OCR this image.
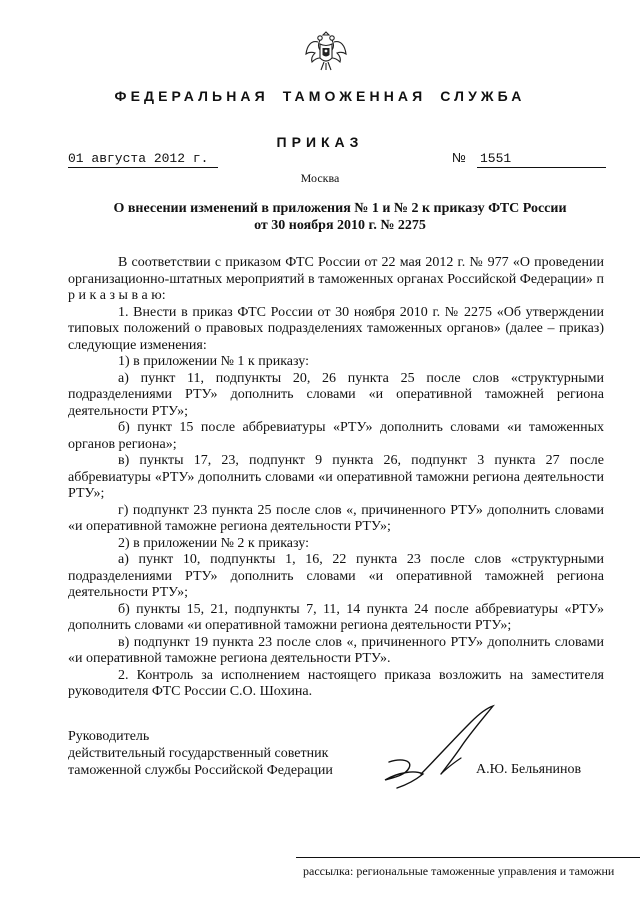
ФЕДЕРАЛЬНАЯ ТАМОЖЕННАЯ СЛУЖБА
ПРИКАЗ
01 августа 2012 г.	№ 1551
Москва
О внесении изменений в приложения № 1 и № 2 к приказу ФТС России
от 30 ноября 2010 г. № 2275

В соответствии с приказом ФТС России от 22 мая 2012 г. № 977 «О проведении организационно-штатных мероприятий в таможенных органах Российской Федерации» п р и к а з ы в а ю:

1. Внести в приказ ФТС России от 30 ноября 2010 г. № 2275 «Об утверждении типовых положений о правовых подразделениях таможенных органов» (далее – приказ) следующие изменения:

1) в приложении № 1 к приказу:

а) пункт 11, подпункты 20, 26 пункта 25 после слов «структурными подразделениями РТУ» дополнить словами «и оперативной таможней региона деятельности РТУ»;

б) пункт 15 после аббревиатуры «РТУ» дополнить словами «и таможенных органов региона»;

в) пункты 17, 23, подпункт 9 пункта 26, подпункт 3 пункта 27 после аббревиатуры «РТУ» дополнить словами «и оперативной таможни региона деятельности РТУ»;

г) подпункт 23 пункта 25 после слов «, причиненного РТУ» дополнить словами «и оперативной таможне региона деятельности РТУ»;

2) в приложении № 2 к приказу:

а) пункт 10, подпункты 1, 16, 22 пункта 23 после слов «структурными подразделениями РТУ» дополнить словами «и оперативной таможней региона деятельности РТУ»;

б) пункты 15, 21, подпункты 7, 11, 14 пункта 24 после аббревиатуры «РТУ» дополнить словами «и оперативной таможни региона деятельности РТУ»;

в) подпункт 19 пункта 23 после слов «, причиненного РТУ» дополнить словами «и оперативной таможне региона деятельности РТУ».

2. Контроль за исполнением настоящего приказа возложить на заместителя руководителя ФТС России С.О. Шохина.

Руководитель
действительный государственный советник
таможенной службы Российской Федерации	А.Ю. Бельянинов
рассылка: региональные таможенные управления и таможни
